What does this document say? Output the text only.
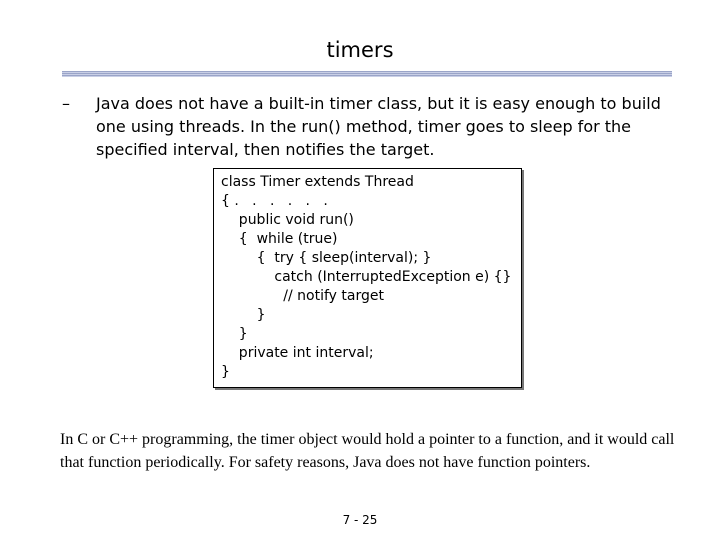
timers
– Java does not have a built-in timer class, but it is easy enough to build one using threads. In the run() method, timer goes to sleep for the specified interval, then notifies the target.
class Timer extends Thread
{ .   .   .   .   .   .
public void run()
{  while (true)
{  try { sleep(interval); }
catch (InterruptedException e) {}
// notify target
}
}
private int interval;
}
In C or C++ programming, the timer object would hold a pointer to a function, and it would call that function periodically. For safety reasons, Java does not have function pointers.
7 - 25
